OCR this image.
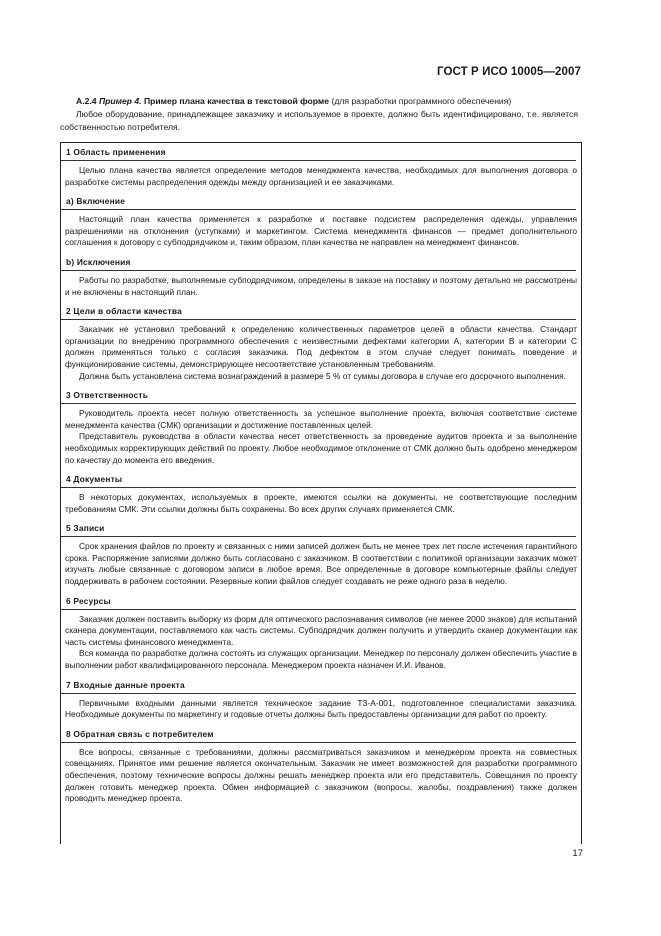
ГОСТ Р ИСО 10005—2007

А.2.4 Пример 4. Пример плана качества в текстовой форме (для разработки программного обеспечения)

Любое оборудование, принадлежащее заказчику и используемое в проекте, должно быть идентифицировано, т.е. является собственностью потребителя.

1 Область применения

Целью плана качества является определение методов менеджмента качества, необходимых для выполнения договора о разработке системы распределения одежды между организацией и ее заказчиками.

а) Включение

Настоящий план качества применяется к разработке и поставке подсистем распределения одежды, управления разрешениями на отклонения (уступками) и маркетингом. Система менеджмента финансов — предмет дополнительного соглашения к договору с субподрядчиком и, таким образом, план качества не направлен на менеджмент финансов.

b) Исключения

Работы по разработке, выполняемые субподрядчиком, определены в заказе на поставку и поэтому детально не рассмотрены и не включены в настоящий план.

2 Цели в области качества

Заказчик не установил требований к определению количественных параметров целей в области качества. Стандарт организации по внедрению программного обеспечения с неизвестными дефектами категории А, категории В и категории С должен применяться только с согласия заказчика. Под дефектом в этом случае следует понимать поведение и функционирование системы, демонстрирующее несоответствие установленным требованиям.

Должна быть установлена система вознаграждений в размере 5 % от суммы договора в случае его досрочного выполнения.

3 Ответственность

Руководитель проекта несет полную ответственность за успешное выполнение проекта, включая соответствие системе менеджмента качества (СМК) организации и достижение поставленных целей.

Представитель руководства в области качества несет ответственность за проведение аудитов проекта и за выполнение необходимых корректирующих действий по проекту. Любое необходимое отклонение от СМК должно быть одобрено менеджером по качеству до момента его введения.

4 Документы

В некоторых документах, используемых в проекте, имеются ссылки на документы, не соответствующие последним требованиям СМК. Эти ссылки должны быть сохранены. Во всех других случаях применяется СМК.

5 Записи

Срок хранения файлов по проекту и связанных с ними записей должен быть не менее трех лет после истечения гарантийного срока. Распоряжение записями должно быть согласовано с заказчиком. В соответствии с политикой организации заказчик может изучать любые связанные с договором записи в любое время. Все определенные в договоре компьютерные файлы следует поддерживать в рабочем состоянии. Резервные копии файлов следует создавать не реже одного раза в неделю.

6 Ресурсы

Заказчик должен поставить выборку из форм для оптического распознавания символов (не менее 2000 знаков) для испытаний сканера документации, поставляемого как часть системы. Субподрядчик должен получить и утвердить сканер документации как часть системы финансового менеджмента.

Вся команда по разработке должна состоять из служащих организации. Менеджер по персоналу должен обеспечить участие в выполнении работ квалифицированного персонала. Менеджером проекта назначен И.И. Иванов.

7 Входные данные проекта

Первичными входными данными является техническое задание ТЗ-А-001, подготовленное специалистами заказчика. Необходимые документы по маркетингу и годовые отчеты должны быть предоставлены организации для работ по проекту.

8 Обратная связь с потребителем

Все вопросы, связанные с требованиями, должны рассматриваться заказчиком и менеджером проекта на совместных совещаниях. Принятое ими решение является окончательным. Заказчик не имеет возможностей для разработки программного обеспечения, поэтому технические вопросы должны решать менеджер проекта или его представитель. Совещания по проекту должен готовить менеджер проекта. Обмен информацией с заказчиком (вопросы, жалобы, поздравления) также должен проводить менеджер проекта.

17
